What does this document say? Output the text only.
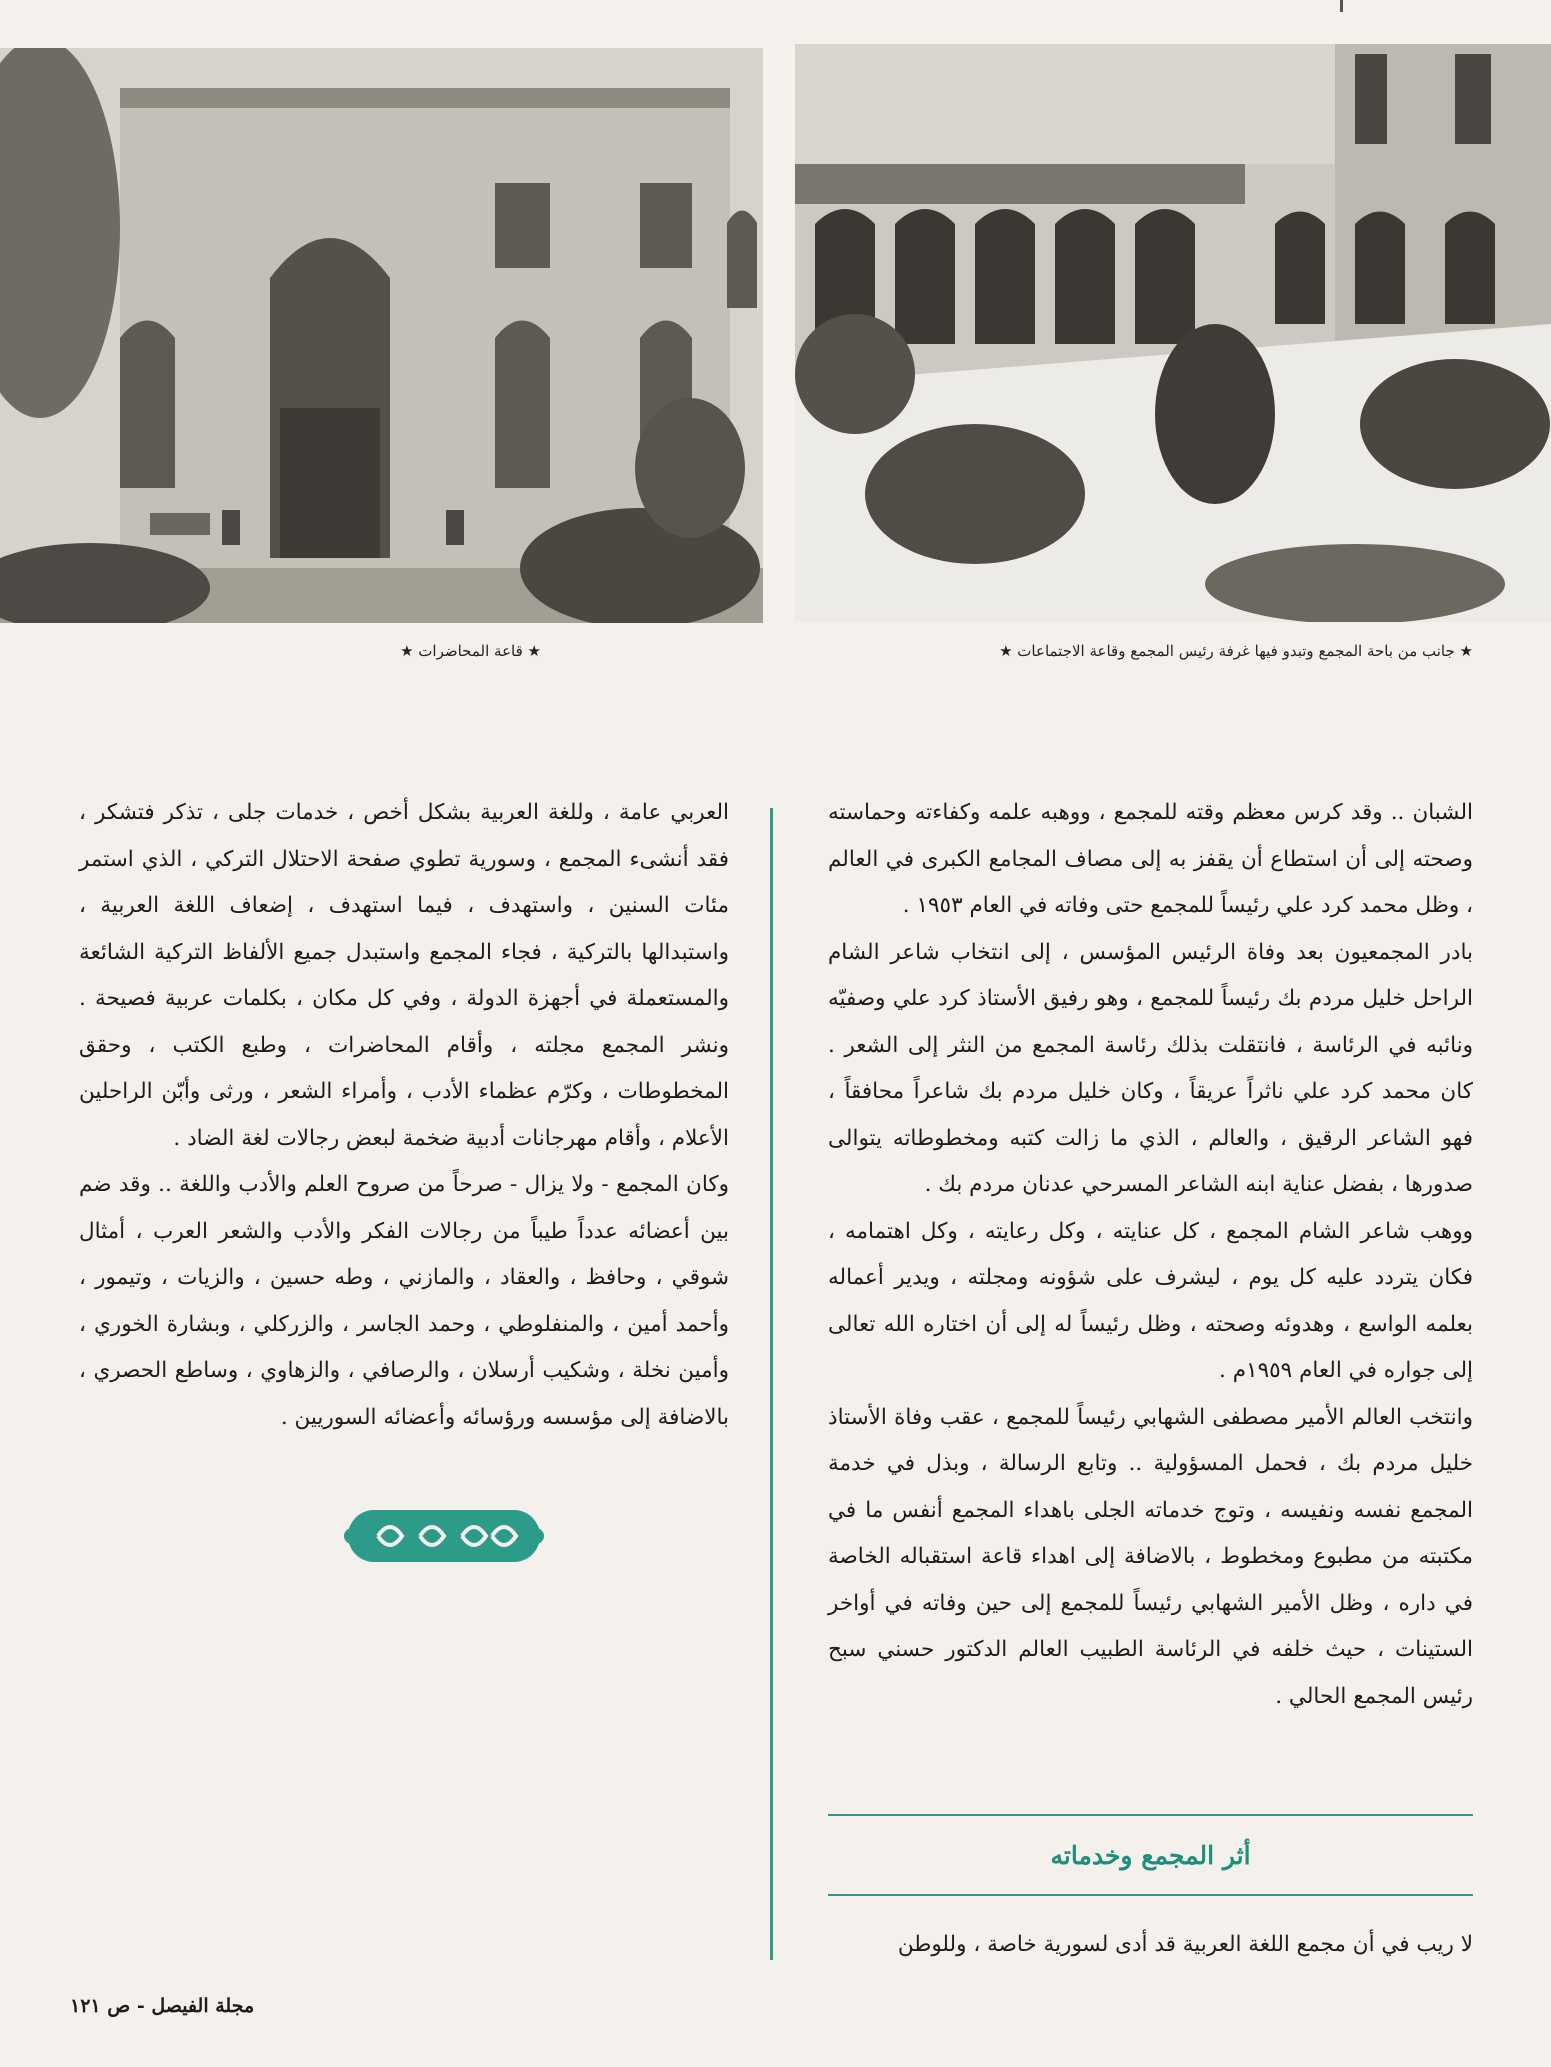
★ جانب من باحة المجمع وتبدو فيها غرفة رئيس المجمع وقاعة الاجتماعات ★
★ قاعة المحاضرات ★

الشبان .. وقد كرس معظم وقته للمجمع ، ووهبه علمه وكفاءته وحماسته وصحته إلى أن استطاع أن يقفز به إلى مصاف المجامع الكبرى في العالم ، وظل محمد كرد علي رئيساً للمجمع حتى وفاته في العام ١٩٥٣ .

بادر المجمعيون بعد وفاة الرئيس المؤسس ، إلى انتخاب شاعر الشام الراحل خليل مردم بك رئيساً للمجمع ، وهو رفيق الأستاذ كرد علي وصفيّه ونائبه في الرئاسة ، فانتقلت بذلك رئاسة المجمع من النثر إلى الشعر . كان محمد كرد علي ناثراً عريقاً ، وكان خليل مردم بك شاعراً محافقاً ، فهو الشاعر الرقيق ، والعالم ، الذي ما زالت كتبه ومخطوطاته يتوالى صدورها ، بفضل عناية ابنه الشاعر المسرحي عدنان مردم بك .

ووهب شاعر الشام المجمع ، كل عنايته ، وكل رعايته ، وكل اهتمامه ، فكان يتردد عليه كل يوم ، ليشرف على شؤونه ومجلته ، ويدير أعماله بعلمه الواسع ، وهدوئه وصحته ، وظل رئيساً له إلى أن اختاره الله تعالى إلى جواره في العام ١٩٥٩م .

وانتخب العالم الأمير مصطفى الشهابي رئيساً للمجمع ، عقب وفاة الأستاذ خليل مردم بك ، فحمل المسؤولية .. وتابع الرسالة ، وبذل في خدمة المجمع نفسه ونفيسه ، وتوج خدماته الجلى باهداء المجمع أنفس ما في مكتبته من مطبوع ومخطوط ، بالاضافة إلى اهداء قاعة استقباله الخاصة في داره ، وظل الأمير الشهابي رئيساً للمجمع إلى حين وفاته في أواخر الستينات ، حيث خلفه في الرئاسة الطبيب العالم الدكتور حسني سبح رئيس المجمع الحالي .

أثر المجمع وخدماته

لا ريب في أن مجمع اللغة العربية قد أدى لسورية خاصة ، وللوطن

العربي عامة ، وللغة العربية بشكل أخص ، خدمات جلى ، تذكر فتشكر ، فقد أنشىء المجمع ، وسورية تطوي صفحة الاحتلال التركي ، الذي استمر مئات السنين ، واستهدف ، فيما استهدف ، إضعاف اللغة العربية ، واستبدالها بالتركية ، فجاء المجمع واستبدل جميع الألفاظ التركية الشائعة والمستعملة في أجهزة الدولة ، وفي كل مكان ، بكلمات عربية فصيحة . ونشر المجمع مجلته ، وأقام المحاضرات ، وطبع الكتب ، وحقق المخطوطات ، وكرّم عظماء الأدب ، وأمراء الشعر ، ورثى وأبّن الراحلين الأعلام ، وأقام مهرجانات أدبية ضخمة لبعض رجالات لغة الضاد .

وكان المجمع - ولا يزال - صرحاً من صروح العلم والأدب واللغة .. وقد ضم بين أعضائه عدداً طيباً من رجالات الفكر والأدب والشعر العرب ، أمثال شوقي ، وحافظ ، والعقاد ، والمازني ، وطه حسين ، والزيات ، وتيمور ، وأحمد أمين ، والمنفلوطي ، وحمد الجاسر ، والزركلي ، وبشارة الخوري ، وأمين نخلة ، وشكيب أرسلان ، والرصافي ، والزهاوي ، وساطع الحصري ، بالاضافة إلى مؤسسه ورؤسائه وأعضائه السوريين .

مجلة الفيصل - ص ١٢١
